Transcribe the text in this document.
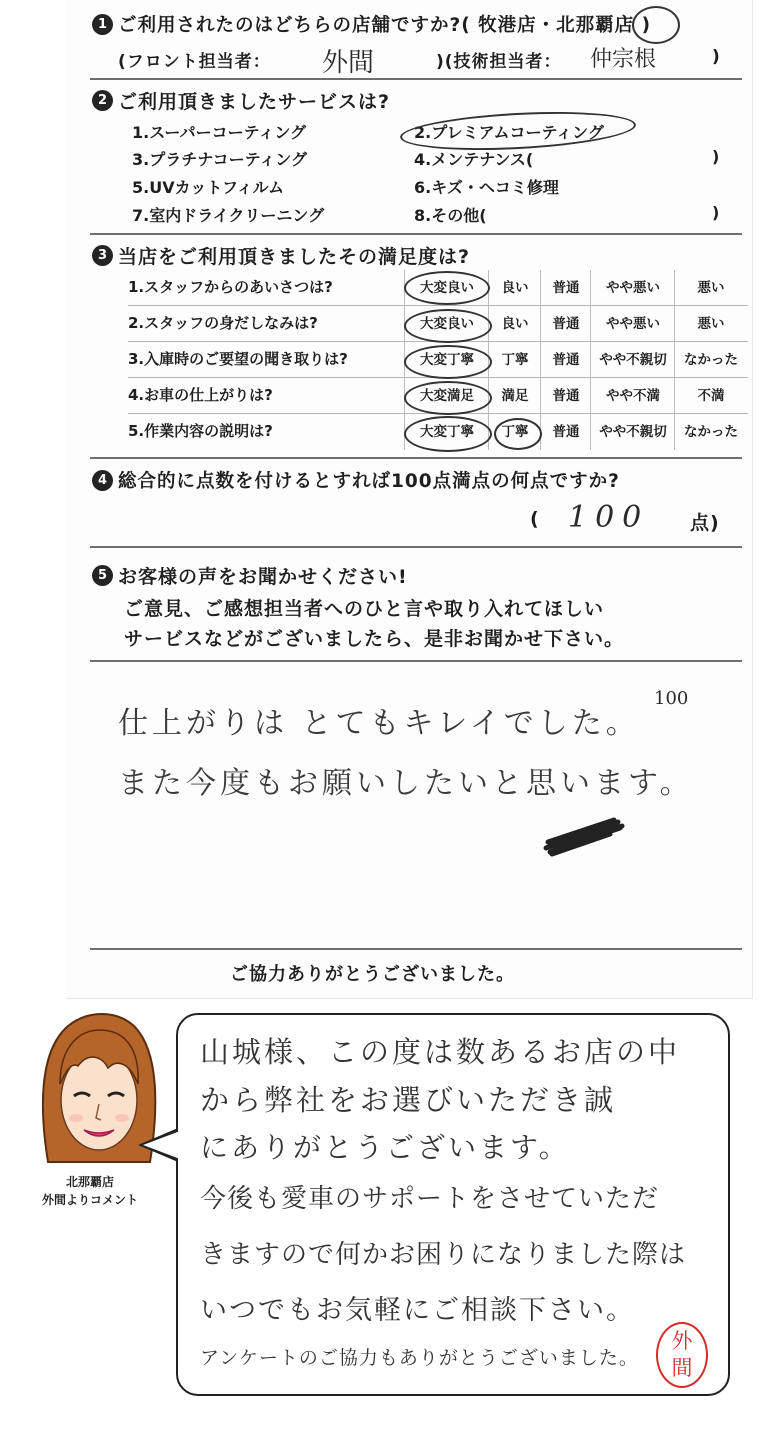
1 ご利用されたのはどちらの店舗ですか?( 牧港店・北那覇店 )
(フロント担当者： 外間	)(技術担当者： 仲宗根	)
2 ご利用頂きましたサービスは?
1.スーパーコーティング	2.プレミアムコーティング
3.プラチナコーティング	4.メンテナンス(	)
5.UVカットフィルム	6.キズ・ヘコミ修理
7.室内ドライクリーニング	8.その他(	)
3 当店をご利用頂きましたその満足度は?
1.スタッフからのあいさつは?	大変良い	良い	普通	やや悪い	悪い
2.スタッフの身だしなみは?	大変良い	良い	普通	やや悪い	悪い
3.入庫時のご要望の聞き取りは?	大変丁寧	丁寧	普通	やや不親切	なかった
4.お車の仕上がりは?	大変満足	満足	普通	やや不満	不満
5.作業内容の説明は?	大変丁寧	丁寧	普通	やや不親切	なかった
4 総合的に点数を付けるとすれば100点満点の何点ですか?
( 100 点)
5 お客様の声をお聞かせください!
ご意見、ご感想担当者へのひと言や取り入れてほしい
サービスなどがございましたら、是非お聞かせ下さい。
仕上がりは とてもキレイでした。
また今度もお願いしたいと思います。
100
ご協力ありがとうございました。
北那覇店
外間よりコメント
山城様、この度は数あるお店の中
から弊社をお選びいただき誠
にありがとうございます。
今後も愛車のサポートをさせていただ
きますので何かお困りになりました際は
いつでもお気軽にご相談下さい。
アンケートのご協力もありがとうございました。
外間
